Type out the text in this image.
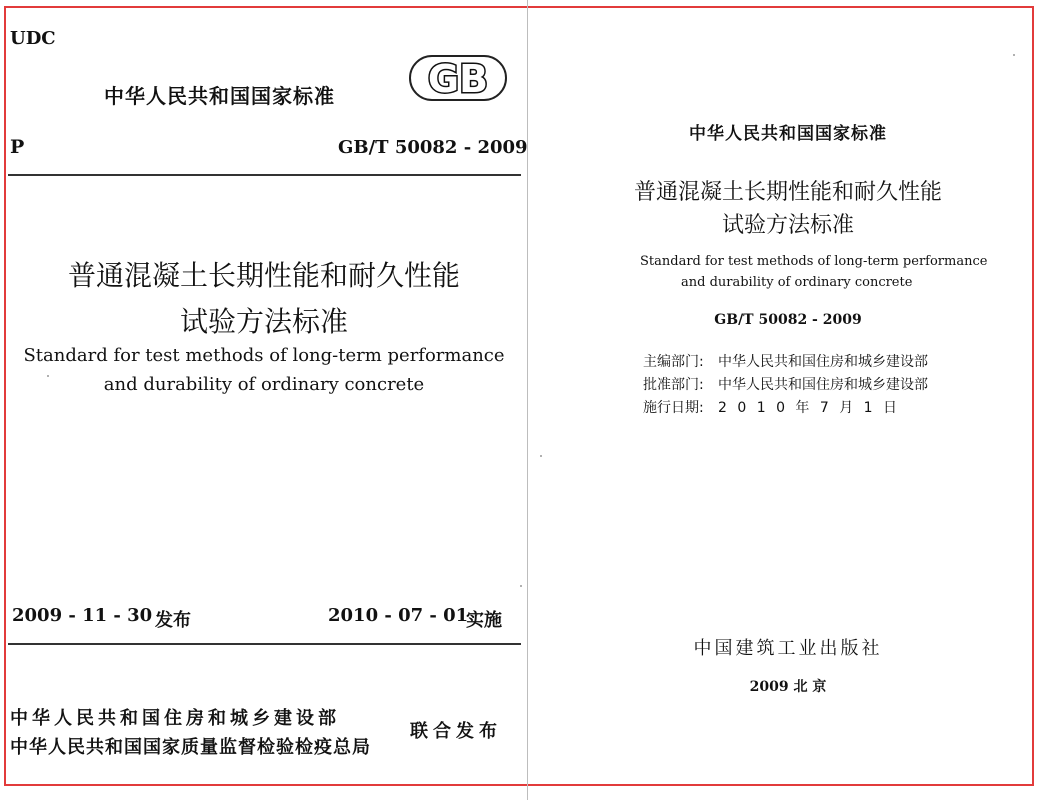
UDC
中华人民共和国国家标准 GB
P	GB/T 50082 - 2009
普通混凝土长期性能和耐久性能
试验方法标准
Standard for test methods of long-term performance
and durability of ordinary concrete
2009 - 11 - 30 发布	2010 - 07 - 01
实施
中华人民共和国住房和城乡建设部
中华人民共和国国家质量监督检验检疫总局
联合发布
中华人民共和国国家标准
普通混凝土长期性能和耐久性能
试验方法标准
Standard for test methods of long-term performance
and durability of ordinary concrete
GB/T 50082 - 2009
主编部门: 中华人民共和国住房和城乡建设部
批准部门: 中华人民共和国住房和城乡建设部
施行日期: 2 0 1 0 年 7 月 1 日
中国建筑工业出版社
2009 北 京
